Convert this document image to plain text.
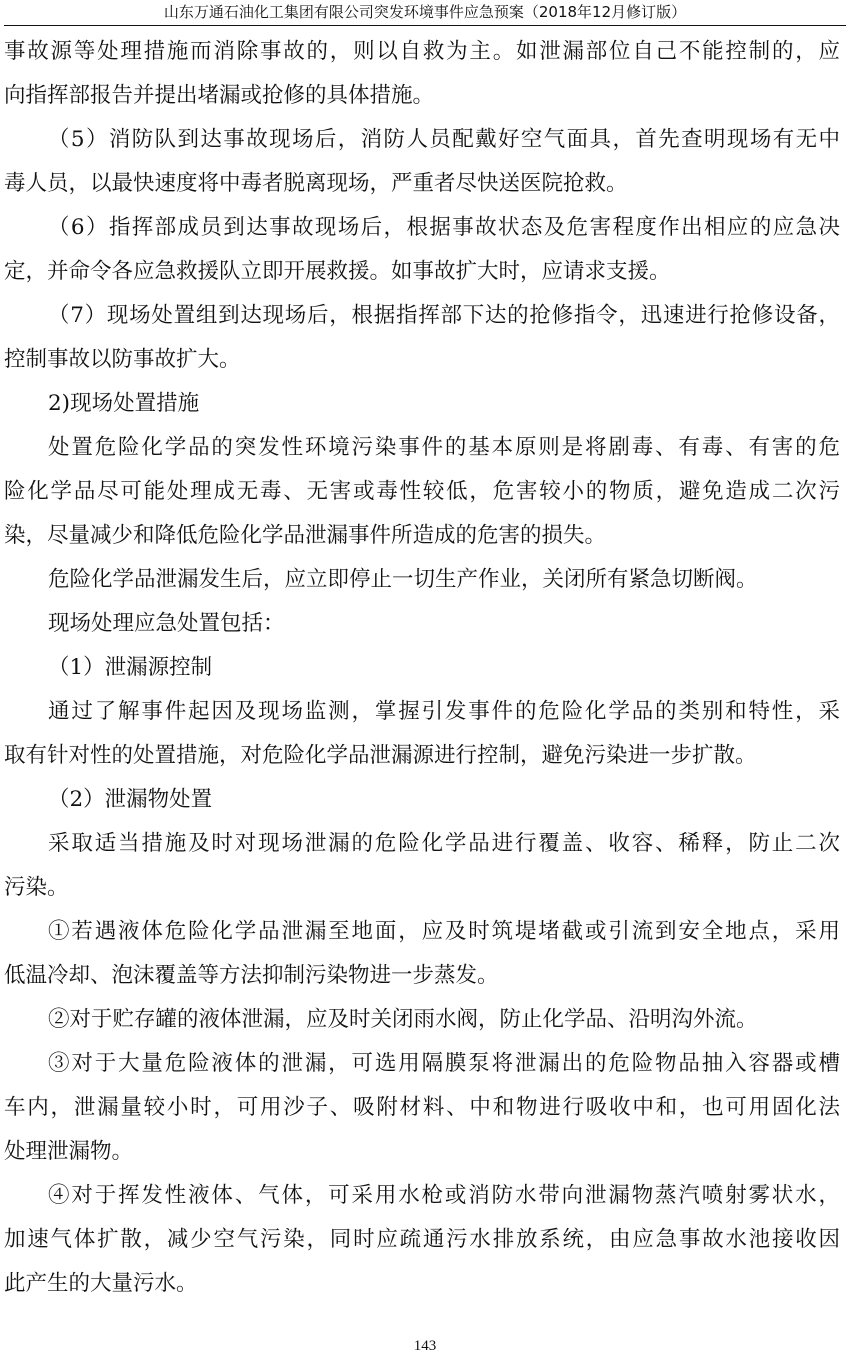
山东万通石油化工集团有限公司突发环境事件应急预案（2018年12月修订版）
事故源等处理措施而消除事故的，则以自救为主。如泄漏部位自己不能控制的，应
向指挥部报告并提出堵漏或抢修的具体措施。
（5）消防队到达事故现场后，消防人员配戴好空气面具，首先查明现场有无中
毒人员，以最快速度将中毒者脱离现场，严重者尽快送医院抢救。
（6）指挥部成员到达事故现场后，根据事故状态及危害程度作出相应的应急决
定，并命令各应急救援队立即开展救援。如事故扩大时，应请求支援。
（7）现场处置组到达现场后，根据指挥部下达的抢修指令，迅速进行抢修设备，
控制事故以防事故扩大。
2)现场处置措施
处置危险化学品的突发性环境污染事件的基本原则是将剧毒、有毒、有害的危
险化学品尽可能处理成无毒、无害或毒性较低，危害较小的物质，避免造成二次污
染，尽量减少和降低危险化学品泄漏事件所造成的危害的损失。
危险化学品泄漏发生后，应立即停止一切生产作业，关闭所有紧急切断阀。
现场处理应急处置包括：
（1）泄漏源控制
通过了解事件起因及现场监测，掌握引发事件的危险化学品的类别和特性，采
取有针对性的处置措施，对危险化学品泄漏源进行控制，避免污染进一步扩散。
（2）泄漏物处置
采取适当措施及时对现场泄漏的危险化学品进行覆盖、收容、稀释，防止二次
污染。
①若遇液体危险化学品泄漏至地面，应及时筑堤堵截或引流到安全地点，采用
低温冷却、泡沫覆盖等方法抑制污染物进一步蒸发。
②对于贮存罐的液体泄漏，应及时关闭雨水阀，防止化学品、沿明沟外流。
③对于大量危险液体的泄漏，可选用隔膜泵将泄漏出的危险物品抽入容器或槽
车内，泄漏量较小时，可用沙子、吸附材料、中和物进行吸收中和，也可用固化法
处理泄漏物。
④对于挥发性液体、气体，可采用水枪或消防水带向泄漏物蒸汽喷射雾状水，
加速气体扩散，减少空气污染，同时应疏通污水排放系统，由应急事故水池接收因
此产生的大量污水。
143
